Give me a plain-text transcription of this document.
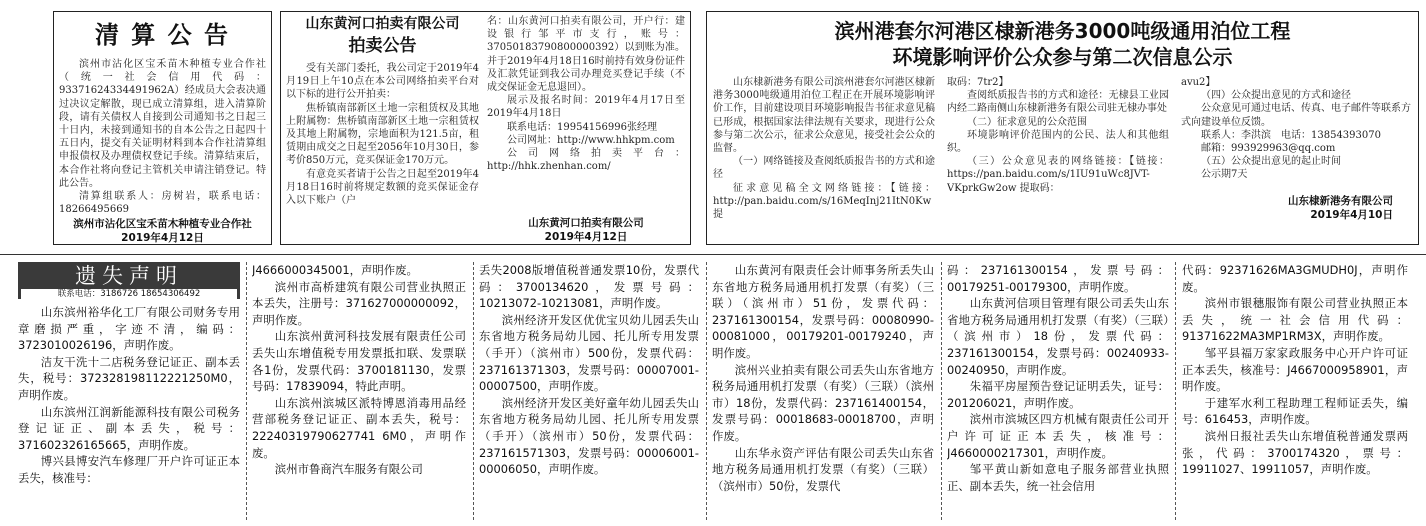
清 算 公 告

滨州市沾化区宝禾苗木种植专业合作社（统一社会信用代码：93371624334491962A）经成员大会表决通过决议定解散，现已成立清算组，进入清算阶段，请有关债权人自接到公司通知书之日起三十日内，未接到通知书的自本公告之日起四十五日内，提交有关证明材料到本合作社清算组申报债权及办理债权登记手续。清算结束后，本合作社将向登记主管机关申请注销登记。特此公告。

清算组联系人：房树岩，联系电话：18266495669

滨州市沾化区宝禾苗木种植专业合作社
2019年4月12日
山东黄河口拍卖有限公司
拍卖公告

受有关部门委托，我公司定于2019年4月19日上午10点在本公司网络拍卖平台对以下标的进行公开拍卖：

焦桥镇南部新区土地一宗租赁权及其地上附属物：焦桥镇南部新区土地一宗租赁权及其地上附属物，宗地面积为121.5亩，租赁期由成交之日起至2056年10月30日，参考价850万元，竞买保证金170万元。

有意竞买者请于公告之日起至2019年4月18日16时前将规定数额的竞买保证金存入以下账户（户

名：山东黄河口拍卖有限公司，开户行：建设银行邹平市支行，账号：37050183790800000392）以到账为准。并于2019年4月18日16时前持有效身份证件及汇款凭证到我公司办理竞买登记手续（不成交保证金无息退回）。

展示及报名时间：2019年4月17日至2019年4月18日

联系电话：19954156996张经理

公司网址：http://www.hhkpm.com

公司网络拍卖平台：http://hhk.zhenhan.com/

山东黄河口拍卖有限公司
2019年4月12日
滨州港套尔河港区棣新港务3000吨级通用泊位工程
环境影响评价公众参与第二次信息公示

山东棣新港务有限公司滨州港套尔河港区棣新港务3000吨级通用泊位工程正在开展环境影响评价工作，目前建设项目环境影响报告书征求意见稿已形成，根据国家法律法规有关要求，现进行公众参与第二次公示，征求公众意见，接受社会公众的监督。

（一）网络链接及查阅纸质报告书的方式和途径

征求意见稿全文网络链接：【链接：http://pan.baidu.com/s/16MeqInj21ItN0Kw 提

取码：7tr2】

查阅纸质报告书的方式和途径：无棣县工业园内经二路南侧山东棣新港务有限公司驻无棣办事处

（二）征求意见的公众范围

环境影响评价范围内的公民、法人和其他组织。

（三）公众意见表的网络链接：【链接：https://pan.baidu.com/s/1IU91uWc8JVT-VKprkGw2ow 提取码：

avu2】

（四）公众提出意见的方式和途径

公众意见可通过电话、传真、电子邮件等联系方式向建设单位反馈。

联系人：李洪滨　电话：13854393070

邮箱：993929963@qq.com

（五）公众提出意见的起止时间

公示期7天

山东棣新港务有限公司
2019年4月10日
遗失声明
联系电话：3186726 18654306492

山东滨州裕华化工厂有限公司财务专用章磨损严重，字迹不清，编码：3723010026196，声明作废。

洁友干洗十二店税务登记证正、副本丢失，税号：372328198112221250M0，声明作废。

山东滨州江润新能源科技有限公司税务登记证正、副本丢失，税号：371602326165665，声明作废。

博兴县博安汽车修理厂开户许可证正本丢失，核准号：

J4666000345001，声明作废。

滨州市高桥建筑有限公司营业执照正本丢失，注册号：371627000000092，声明作废。

山东滨州黄河科技发展有限责任公司丢失山东增值税专用发票抵扣联、发票联各1份，发票代码：3700181130，发票号码：17839094，特此声明。

山东滨州滨城区派特博恩消毒用品经营部税务登记证正、副本丢失，税号：22240319790627741 6M0，声明作废。

滨州市鲁商汽车服务有限公司

丢失2008版增值税普通发票10份，发票代码：3700134620，发票号码：10213072-10213081，声明作废。

滨州经济开发区优优宝贝幼儿园丢失山东省地方税务局幼儿园、托儿所专用发票（手开）（滨州市）500份，发票代码：237161371303，发票号码：00007001-00007500，声明作废。

滨州经济开发区美好童年幼儿园丢失山东省地方税务局幼儿园、托儿所专用发票（手开）（滨州市）50份，发票代码：237161571303，发票号码：00006001-00006050，声明作废。

山东黄河有限责任会计师事务所丢失山东省地方税务局通用机打发票（有奖）（三联）（滨州市）51份，发票代码：237161300154，发票号码：00080990-00081000，00179201-00179240，声明作废。

滨州兴业拍卖有限公司丢失山东省地方税务局通用机打发票（有奖）（三联）（滨州市）18份，发票代码：237161400154，发票号码：00018683-00018700，声明作废。

山东华永资产评估有限公司丢失山东省地方税务局通用机打发票（有奖）（三联）（滨州市）50份，发票代

码：237161300154，发票号码：00179251-00179300，声明作废。

山东黄河信项目管理有限公司丢失山东省地方税务局通用机打发票（有奖）（三联）（滨州市）18份，发票代码：237161300154，发票号码：00240933-00240950，声明作废。

朱福平房屋预告登记证明丢失，证号：201206021，声明作废。

滨州市滨城区四方机械有限责任公司开户许可证正本丢失，核准号：J4660000217301，声明作废。

邹平黄山新如意电子服务部营业执照正、副本丢失，统一社会信用

代码：92371626MA3GMUDH0J，声明作废。

滨州市银穗服饰有限公司营业执照正本丢失，统一社会信用代码：91371622MA3MP1RM3X，声明作废。

邹平县福万家家政服务中心开户许可证正本丢失，核准号：J4667000958901，声明作废。

于建军水利工程助理工程师证丢失，编号：616453，声明作废。

滨州日报社丢失山东增值税普通发票两张，代码：3700174320，票号：19911027、19911057，声明作废。
